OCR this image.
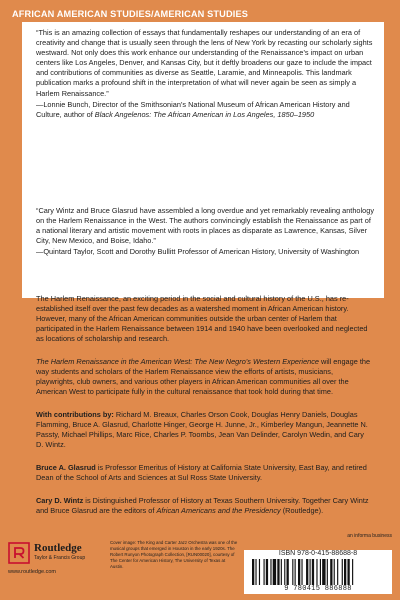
AFRICAN AMERICAN STUDIES/AMERICAN STUDIES

“This is an amazing collection of essays that fundamentally reshapes our understanding of an era of creativity and change that is usually seen through the lens of New York by recasting our scholarly sights westward. Not only does this work enhance our understanding of the Renaissance’s impact on urban centers like Los Angeles, Denver, and Kansas City, but it deftly broadens our gaze to include the impact and contributions of communities as diverse as Seattle, Laramie, and Minneapolis. This landmark publication marks a profound shift in the interpretation of what will never again be seen as simply a Harlem Renaissance.”

—Lonnie Bunch, Director of the Smithsonian’s National Museum of African American History and Culture, author of Black Angelenos: The African American in Los Angeles, 1850–1950

“Cary Wintz and Bruce Glasrud have assembled a long overdue and yet remarkably revealing anthology on the Harlem Renaissance in the West. The authors convincingly establish the Renaissance as part of a national literary and artistic movement with roots in places as disparate as Lawrence, Kansas, Silver City, New Mexico, and Boise, Idaho.”

—Quintard Taylor, Scott and Dorothy Bullitt Professor of American History, University of Washington

The Harlem Renaissance, an exciting period in the social and cultural history of the U.S., has re-established itself over the past few decades as a watershed moment in African American history. However, many of the African American communities outside the urban center of Harlem that participated in the Harlem Renaissance between 1914 and 1940 have been overlooked and neglected as locations of scholarship and research.

The Harlem Renaissance in the American West: The New Negro’s Western Experience will engage the way students and scholars of the Harlem Renaissance view the efforts of artists, musicians, playwrights, club owners, and various other players in African American communities all over the American West to participate fully in the cultural renaissance that took hold during that time.

With contributions by: Richard M. Breaux, Charles Orson Cook, Douglas Henry Daniels, Douglas Flamming, Bruce A. Glasrud, Charlotte Hinger, George H. Junne, Jr., Kimberley Mangun, Jeannette N. Passty, Michael Phillips, Marc Rice, Charles P. Toombs, Jean Van Delinder, Carolyn Wedin, and Cary D. Wintz.

Bruce A. Glasrud is Professor Emeritus of History at California State University, East Bay, and retired Dean of the School of Arts and Sciences at Sul Ross State University.

Cary D. Wintz is Distinguished Professor of History at Texas Southern University. Together Cary Wintz and Bruce Glasrud are the editors of African Americans and the Presidency (Routledge).

Routledge
Taylor & Francis Group
www.routledge.com
Cover image: The King and Carter Jazz Orchestra was one of the musical groups that emerged in Houston in the early 1920s. The Robert Runyon Photograph Collection, [RUN00020], courtesy of The Center for American History, The University of Texas at Austin.
an informa business
ISBN 978-0-415-88688-8
9 780415 886888
